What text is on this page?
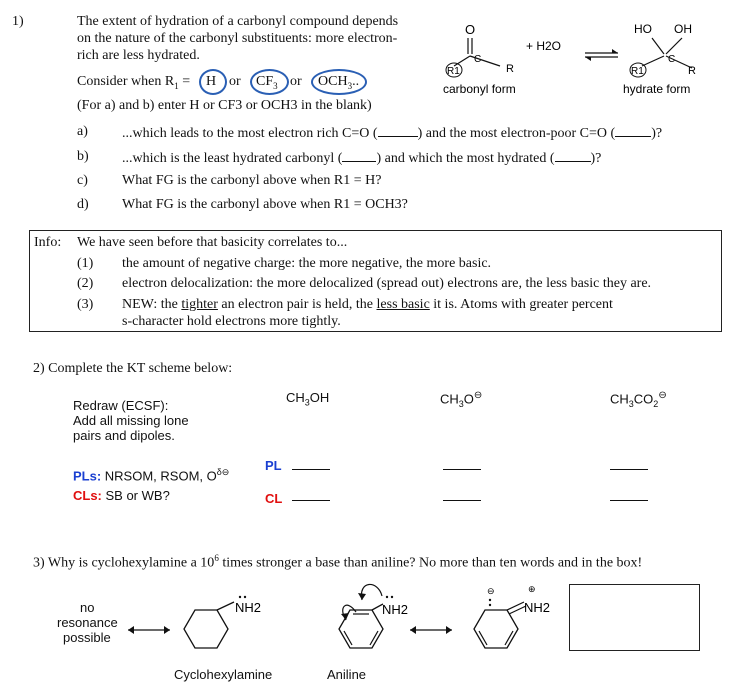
1)	The extent of hydration of a carbonyl compound depends
on the nature of the carbonyl substituents: more electron-
rich are less hydrated.
Consider when $R_1 = H$ or $CF_3$ or $OCH_3$..
(For a) and b) enter H or CF3 or OCH3 in the blank)
O
C
R1	R
carbonyl form
+ H2O
HO OH
C
R1	R
hydrate form
a) ...which leads to the most electron rich C=O (	) and the most electron-poor C=O (	)?
b) ...which is the least hydrated carbonyl ( ) and which the most hydrated (	)?
c) What FG is the carbonyl above when R1 = H?
d) What FG is the carbonyl above when R1 = OCH3?
Info: We have seen before that basicity correlates to...
(1) the amount of negative charge: the more negative, the more basic.
(2) electron delocalization: the more delocalized (spread out) electrons are, the less basic they are.
(3) NEW: the tighter an electron pair is held, the less basic it is. Atoms with greater percent
s-character hold electrons more tightly.
2) Complete the KT scheme below:
Redraw (ECSF):
Add all missing lone
pairs and dipoles.
$CH_3OH$	$CH_3O^⊖$	$CH_3CO_2^⊖$
PL
CL
PLs: NRSOM, RSOM, $O^{\delta⊖}$
CLs: SB or WB?
3) Why is cyclohexylamine a $10^6$ times stronger a base than aniline? No more than ten words and in the box!
no
resonance
possible
NH2	NH2	NH2
⊕
⊖
Cyclohexylamine	Aniline
